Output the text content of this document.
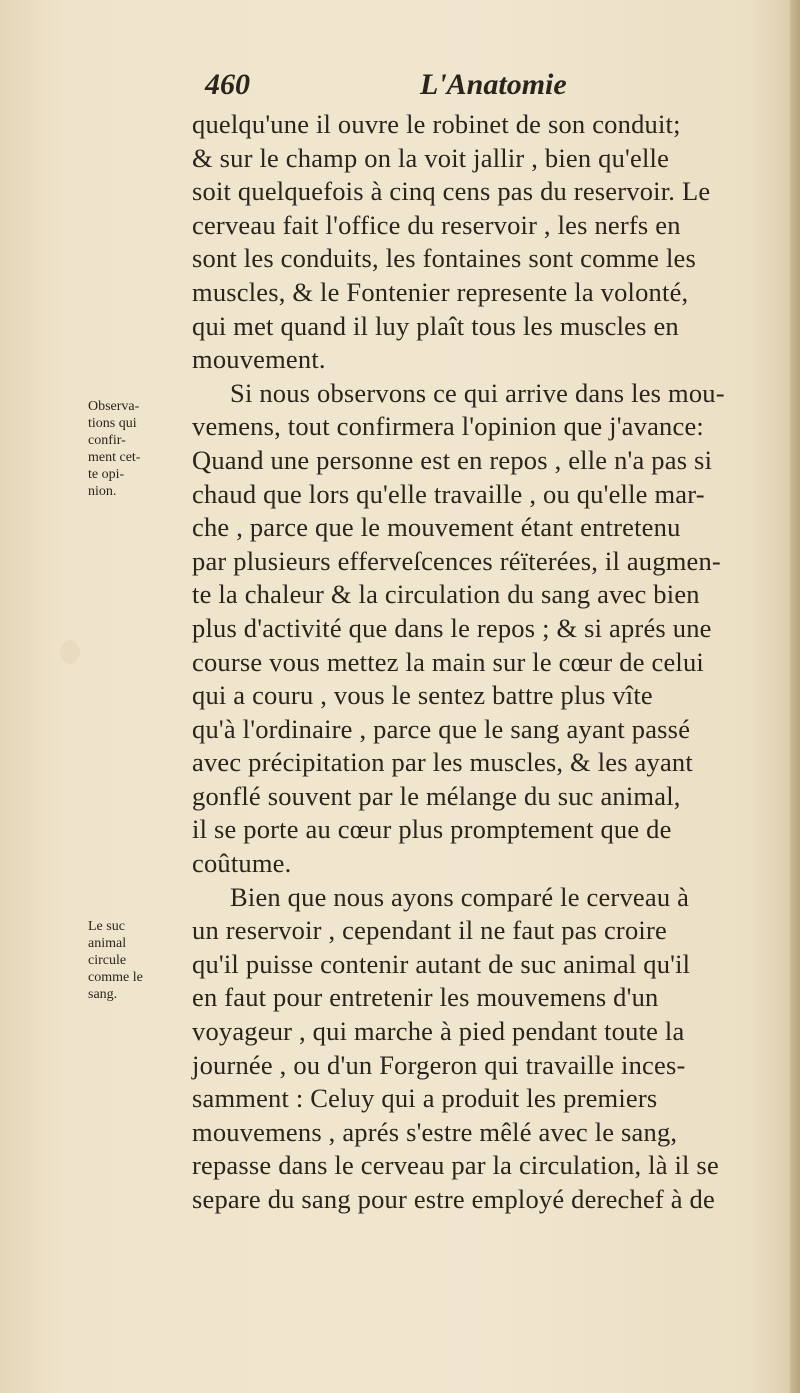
460	L'Anatomie
quelqu'une il ouvre le robinet de son conduit;
& sur le champ on la voit jallir , bien qu'elle
soit quelquefois à cinq cens pas du reservoir. Le
cerveau fait l'office du reservoir , les nerfs en
sont les conduits, les fontaines sont comme les
muscles, & le Fontenier represente la volonté,
qui met quand il luy plaît tous les muscles en
mouvement.
Si nous observons ce qui arrive dans les mou-
vemens, tout confirmera l'opinion que j'avance:
Quand une personne est en repos , elle n'a pas si
chaud que lors qu'elle travaille , ou qu'elle mar-
che , parce que le mouvement étant entretenu
par plusieurs efferveſcences réïterées, il augmen-
te la chaleur & la circulation du sang avec bien
plus d'activité que dans le repos ; & si aprés une
course vous mettez la main sur le cœur de celui
qui a couru , vous le sentez battre plus vîte
qu'à l'ordinaire , parce que le sang ayant passé
avec précipitation par les muscles, & les ayant
gonflé souvent par le mélange du suc animal,
il se porte au cœur plus promptement que de
coûtume.
Bien que nous ayons comparé le cerveau à
un reservoir , cependant il ne faut pas croire
qu'il puisse contenir autant de suc animal qu'il
en faut pour entretenir les mouvemens d'un
voyageur , qui marche à pied pendant toute la
journée , ou d'un Forgeron qui travaille inces-
samment : Celuy qui a produit les premiers
mouvemens , aprés s'estre mêlé avec le sang,
repasse dans le cerveau par la circulation, là il se
separe du sang pour estre employé derechef à de
Observa-
tions qui
confir-
ment cet-
te opi-
nion.
Le suc
animal
circule
comme le
sang.
